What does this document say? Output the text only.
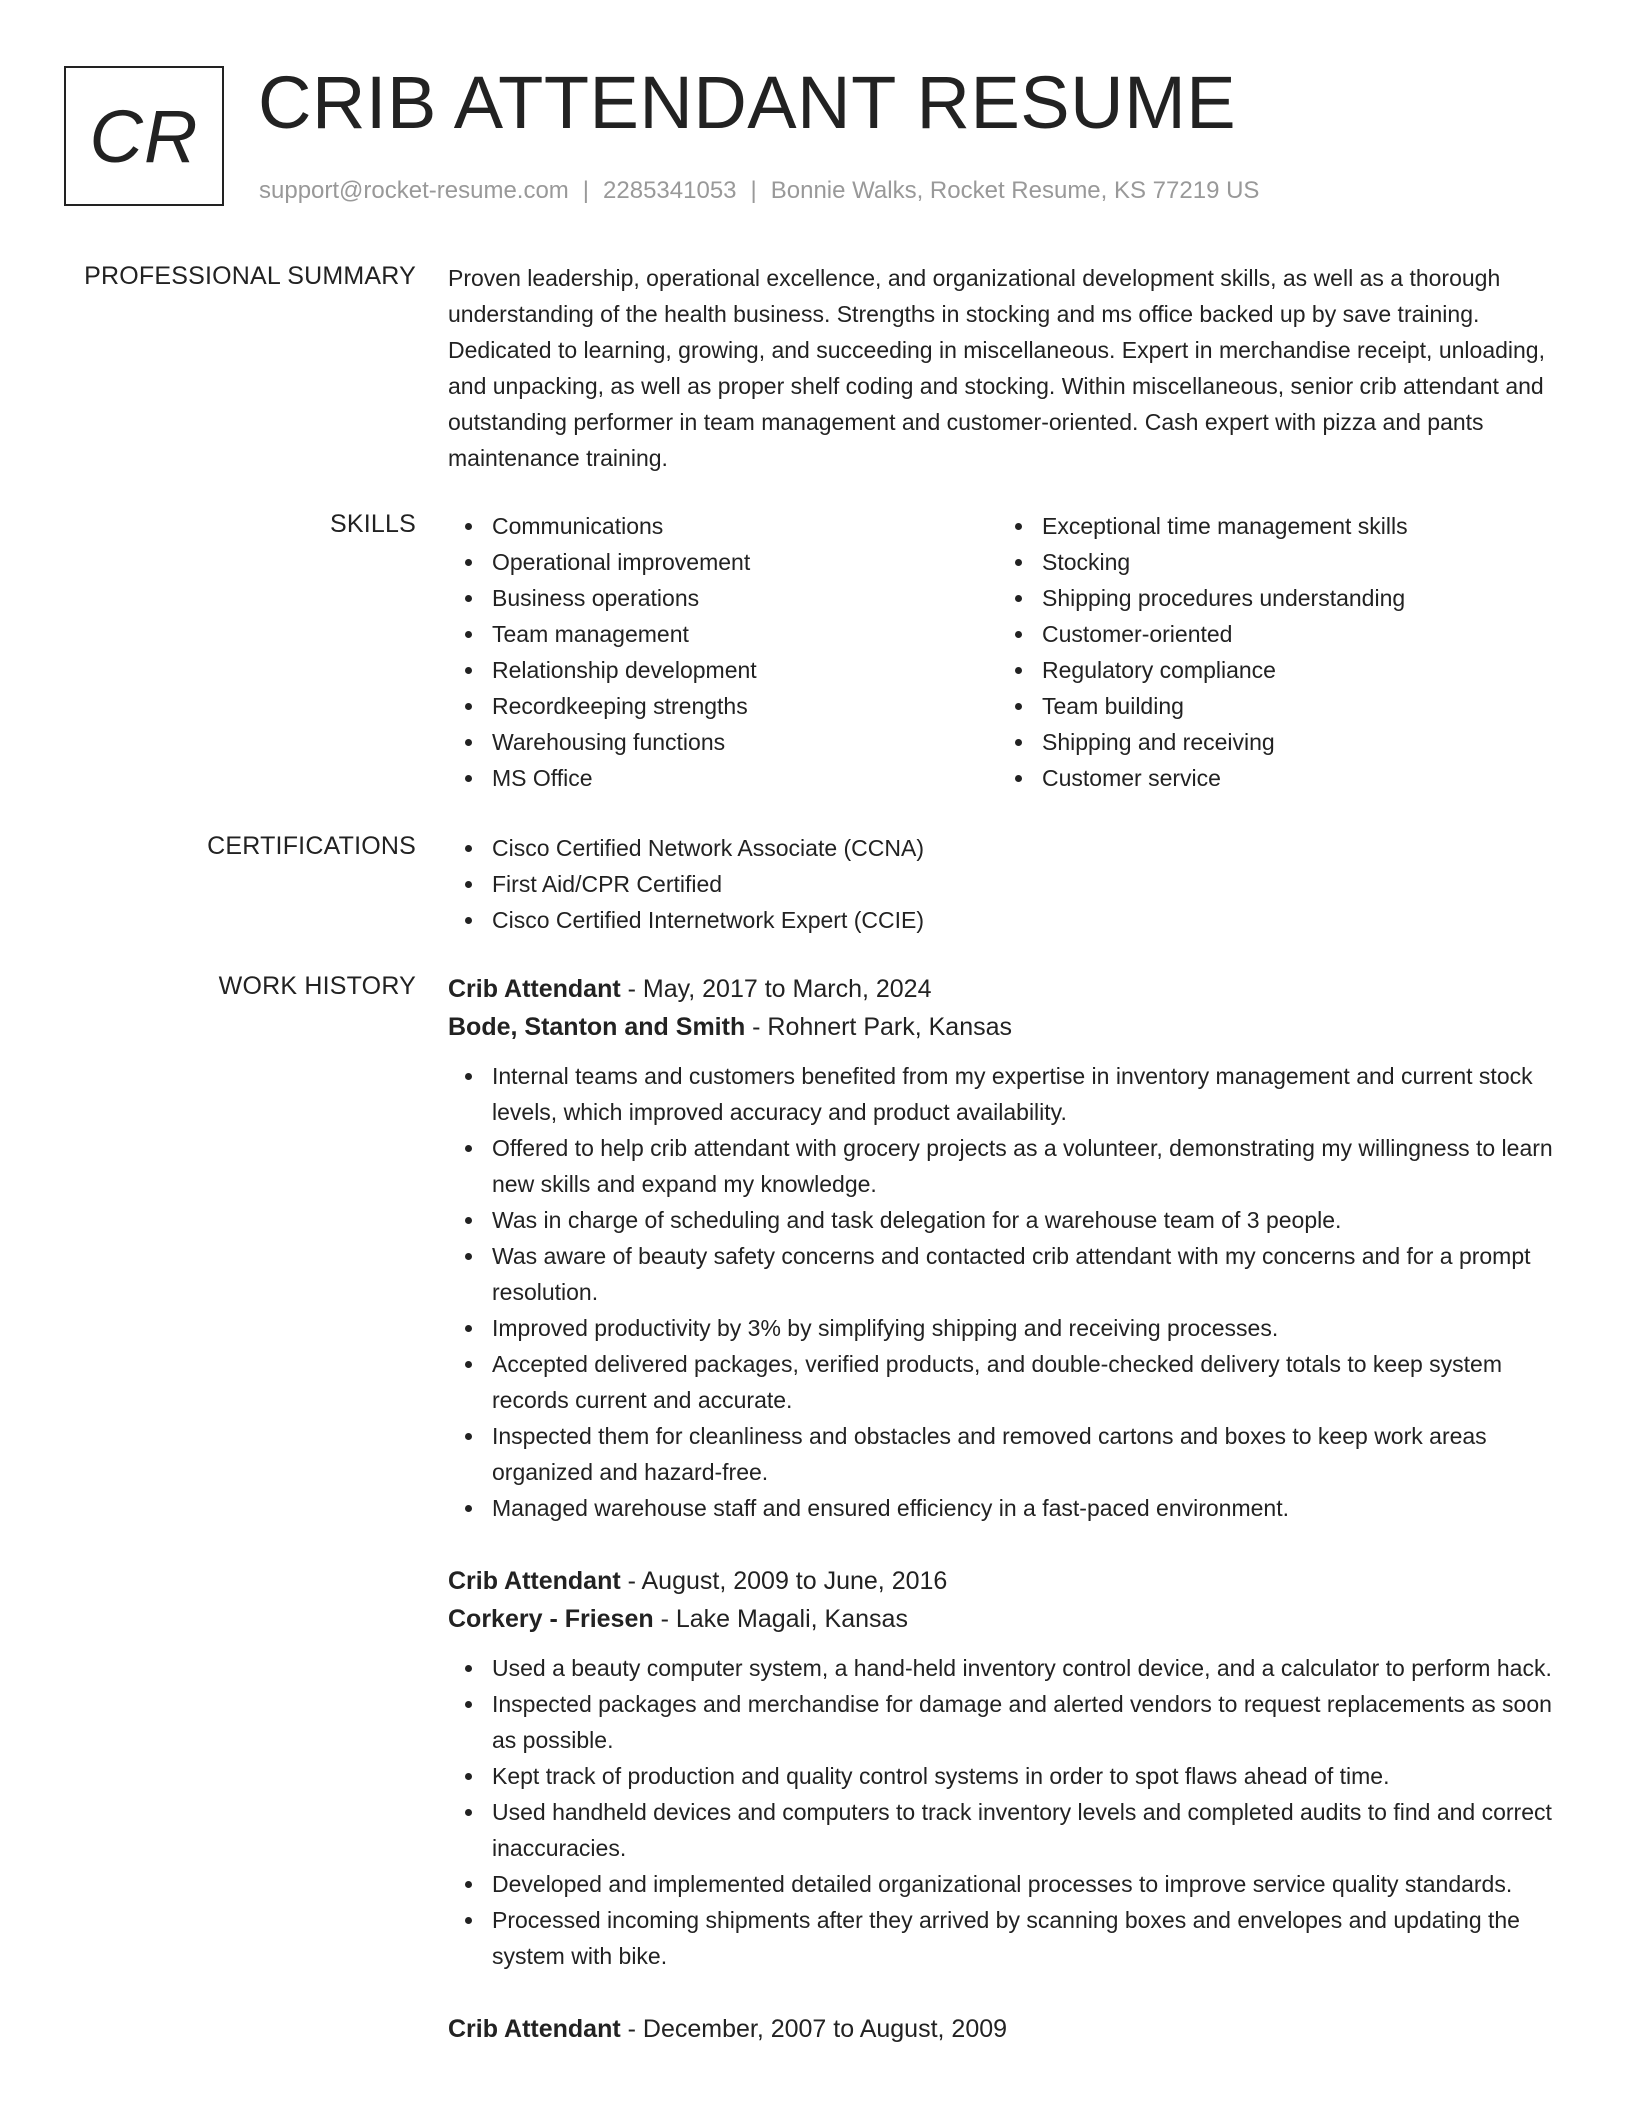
CR CRIB ATTENDANT RESUME
support@rocket-resume.com | 2285341053 | Bonnie Walks, Rocket Resume, KS 77219 US
PROFESSIONAL SUMMARY Proven leadership, operational excellence, and organizational development skills, as well as a thorough understanding of the health business. Strengths in stocking and ms office backed up by save training. Dedicated to learning, growing, and succeeding in miscellaneous. Expert in merchandise receipt, unloading, and unpacking, as well as proper shelf coding and stocking. Within miscellaneous, senior crib attendant and outstanding performer in team management and customer-oriented. Cash expert with pizza and pants maintenance training.

SKILLS	Communications
Operational improvement
Business operations
Team management
Relationship development
Recordkeeping strengths
Warehousing functions
MS Office
Exceptional time management skills
Stocking
Shipping procedures understanding
Customer-oriented
Regulatory compliance
Team building
Shipping and receiving
Customer service
CERTIFICATIONS	Cisco Certified Network Associate (CCNA)
First Aid/CPR Certified
Cisco Certified Internetwork Expert (CCIE)
WORK HISTORY Crib Attendant - May, 2017 to March, 2024
Bode, Stanton and Smith - Rohnert Park, Kansas
Internal teams and customers benefited from my expertise in inventory management and current stock levels, which improved accuracy and product availability.
Offered to help crib attendant with grocery projects as a volunteer, demonstrating my willingness to learn new skills and expand my knowledge.
Was in charge of scheduling and task delegation for a warehouse team of 3 people.
Was aware of beauty safety concerns and contacted crib attendant with my concerns and for a prompt resolution.
Improved productivity by 3% by simplifying shipping and receiving processes.
Accepted delivered packages, verified products, and double-checked delivery totals to keep system records current and accurate.
Inspected them for cleanliness and obstacles and removed cartons and boxes to keep work areas organized and hazard-free.
Managed warehouse staff and ensured efficiency in a fast-paced environment.
Crib Attendant - August, 2009 to June, 2016
Corkery - Friesen - Lake Magali, Kansas
Used a beauty computer system, a hand-held inventory control device, and a calculator to perform hack.
Inspected packages and merchandise for damage and alerted vendors to request replacements as soon as possible.
Kept track of production and quality control systems in order to spot flaws ahead of time.
Used handheld devices and computers to track inventory levels and completed audits to find and correct inaccuracies.
Developed and implemented detailed organizational processes to improve service quality standards.
Processed incoming shipments after they arrived by scanning boxes and envelopes and updating the system with bike.
Crib Attendant - December, 2007 to August, 2009
